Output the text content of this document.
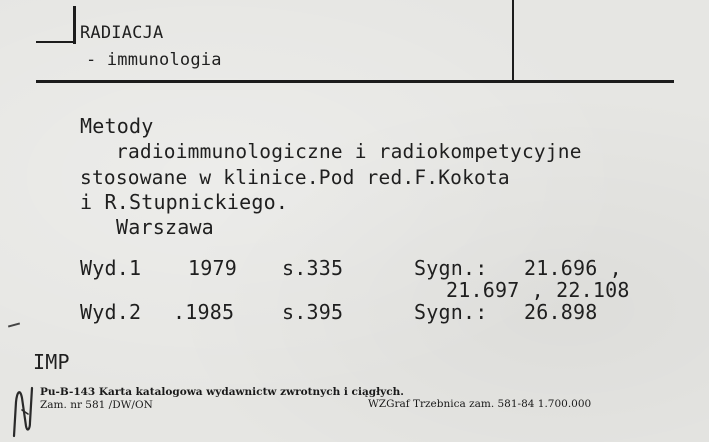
RADIACJA
- immunologia
Metody
radioimmunologiczne i radiokompetycyjne
stosowane w klinice.Pod red.F.Kokota
i R.Stupnickiego.
Warszawa
Wyd.1 1979 s.335	Sygn.: 21.696 ,
21.697 , 22.108
Wyd.2 .1985 s.395	Sygn.: 26.898
IMP
Pu-B-143 Karta katalogowa wydawnictw zwrotnych i ciągłych.
Zam. nr 581 /DW/ON	WZGraf Trzebnica zam. 581-84 1.700.000
